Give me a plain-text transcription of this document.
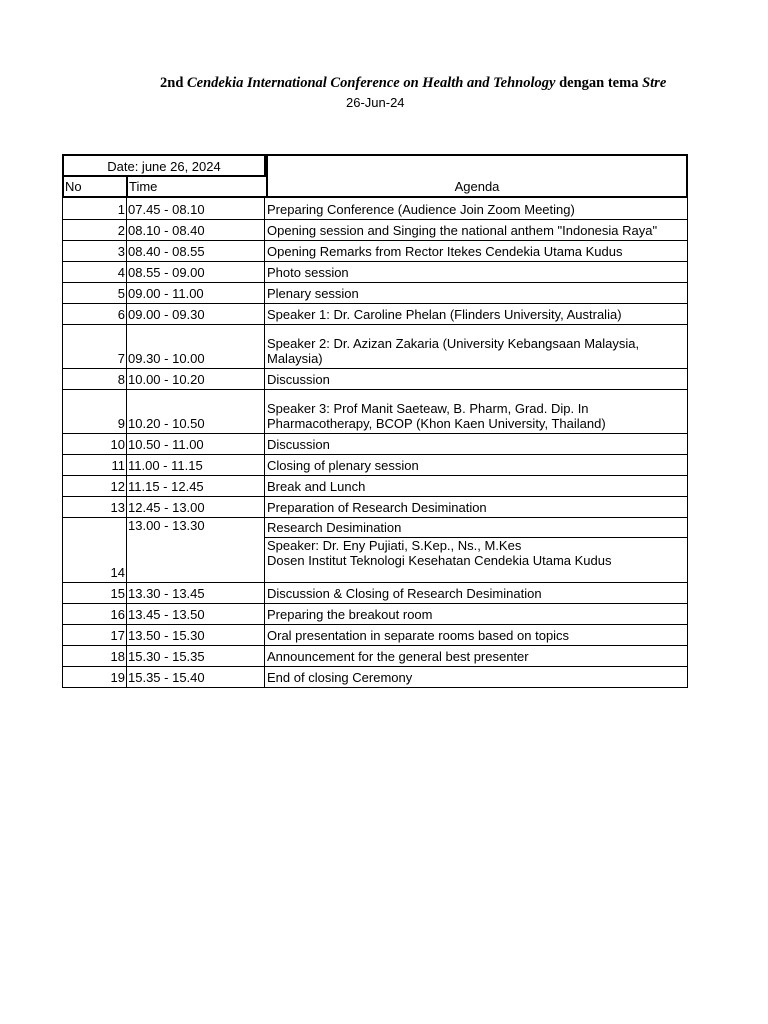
2nd Cendekia International Conference on Health and Tehnology dengan tema Stre
26-Jun-24
Date: june 26, 2024
Agenda
No	Time
1	07.45 - 08.10	Preparing Conference (Audience Join Zoom Meeting)
2	08.10 - 08.40	Opening session and Singing the national anthem "Indonesia Raya"
3	08.40 - 08.55	Opening Remarks from Rector Itekes Cendekia Utama Kudus
4	08.55 - 09.00	Photo session
5	09.00 - 11.00	Plenary session
6	09.00 - 09.30	Speaker 1: Dr. Caroline Phelan (Flinders University, Australia)
7	09.30 - 10.00	Speaker 2: Dr. Azizan Zakaria (University Kebangsaan Malaysia, Malaysia)
8	10.00 - 10.20	Discussion
9	10.20 - 10.50	Speaker 3: Prof Manit Saeteaw, B. Pharm, Grad. Dip. In Pharmacotherapy, BCOP (Khon Kaen University, Thailand)
10	10.50 - 11.00	Discussion
11	11.00 - 11.15	Closing of plenary session
12	11.15 - 12.45	Break and Lunch
13	12.45 - 13.00	Preparation of Research Desimination
14	13.00 - 13.30	Research Desimination
Speaker: Dr. Eny Pujiati, S.Kep., Ns., M.Kes
Dosen Institut Teknologi Kesehatan Cendekia Utama Kudus

15	13.30 - 13.45	Discussion & Closing of Research Desimination
16	13.45 - 13.50	Preparing the breakout room
17	13.50 - 15.30	Oral presentation in separate rooms based on topics
18	15.30 - 15.35	Announcement for the general best presenter
19	15.35 - 15.40	End of closing Ceremony
